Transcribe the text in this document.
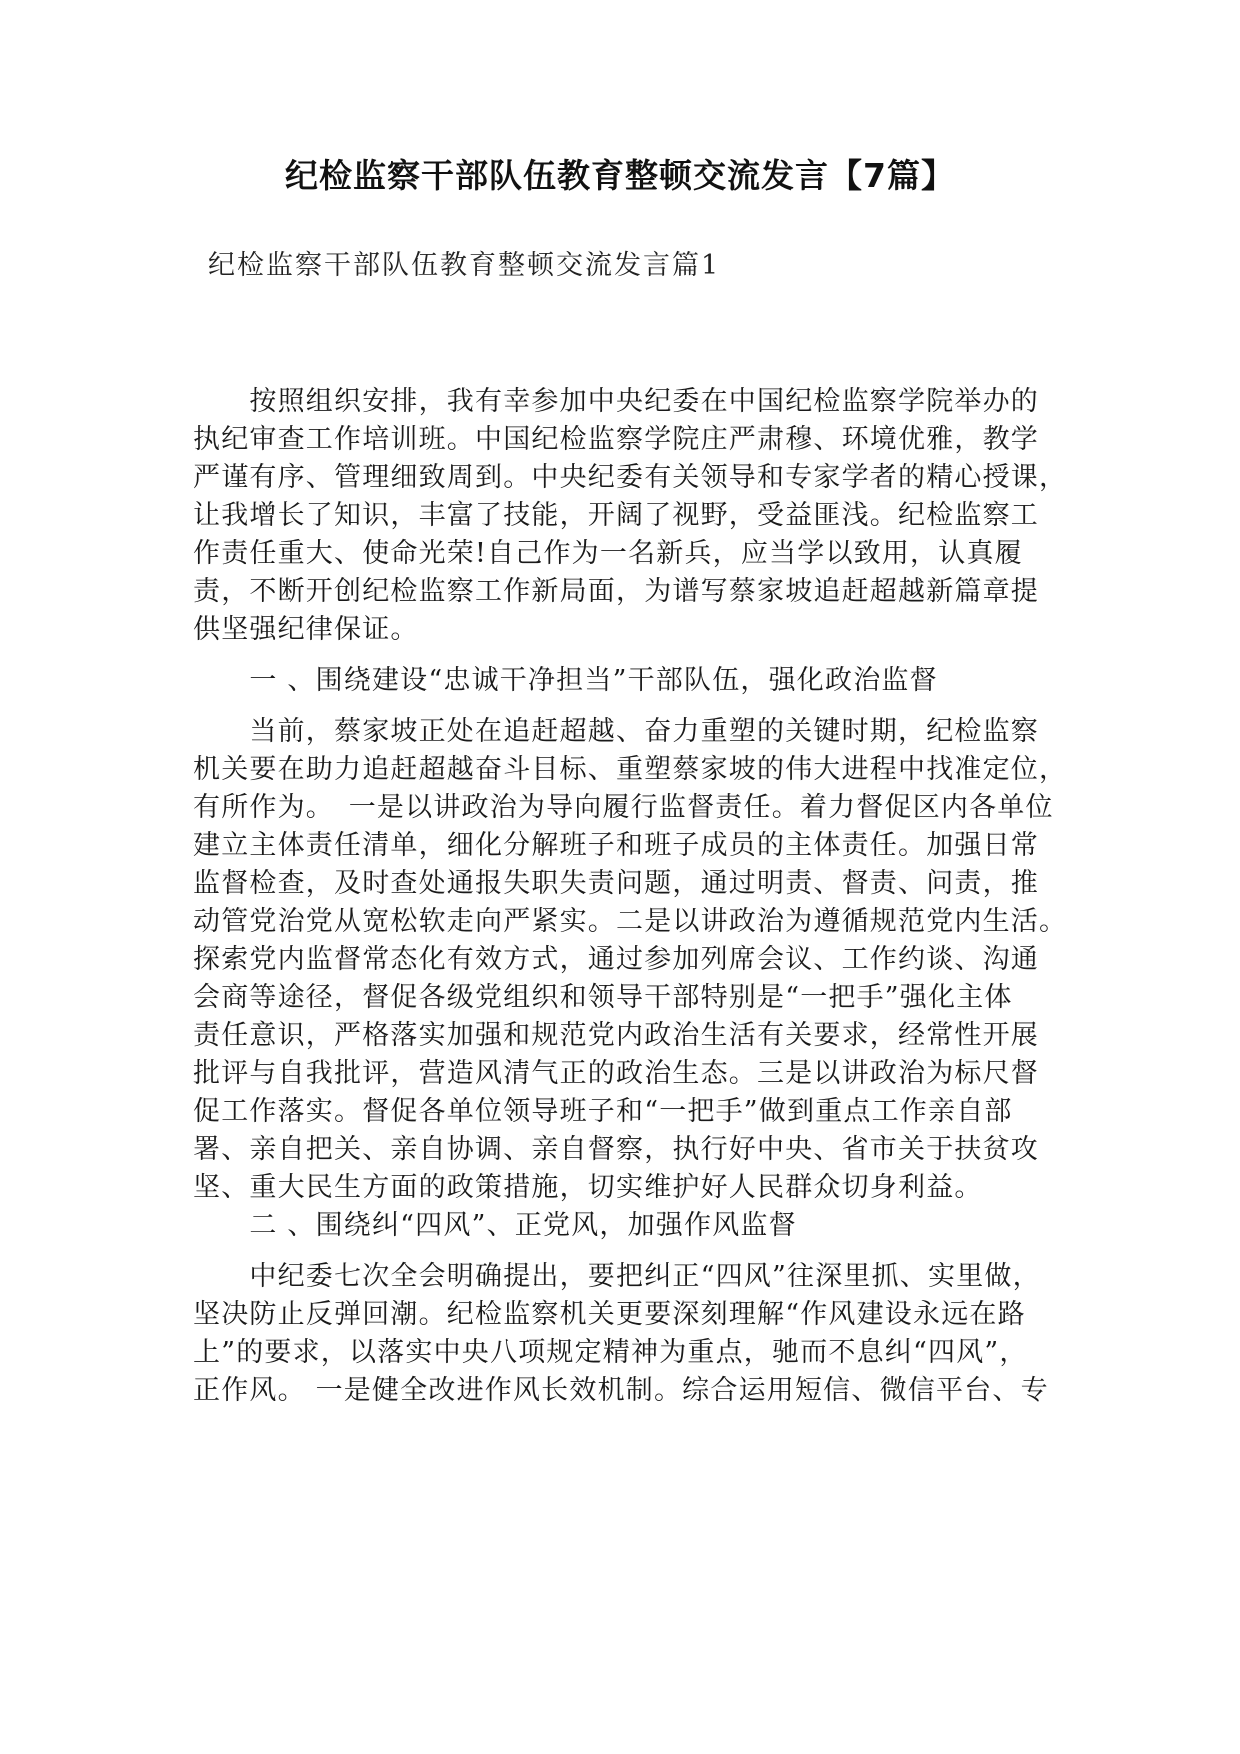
纪检监察干部队伍教育整顿交流发言【7篇】
纪检监察干部队伍教育整顿交流发言篇1
　　按照组织安排，我有幸参加中央纪委在中国纪检监察学院举办的
执纪审查工作培训班。中国纪检监察学院庄严肃穆、环境优雅，教学
严谨有序、管理细致周到。中央纪委有关领导和专家学者的精心授课，
让我增长了知识，丰富了技能，开阔了视野，受益匪浅。纪检监察工
作责任重大、使命光荣!自己作为一名新兵，应当学以致用，认真履
责，不断开创纪检监察工作新局面，为谱写蔡家坡追赶超越新篇章提
供坚强纪律保证。
　　一 、围绕建设“忠诚干净担当”干部队伍，强化政治监督
　　当前，蔡家坡正处在追赶超越、奋力重塑的关键时期，纪检监察
机关要在助力追赶超越奋斗目标、重塑蔡家坡的伟大进程中找准定位，
有所作为。　一是以讲政治为导向履行监督责任。着力督促区内各单位
建立主体责任清单，细化分解班子和班子成员的主体责任。加强日常
监督检查，及时查处通报失职失责问题，通过明责、督责、问责，推
动管党治党从宽松软走向严紧实。二是以讲政治为遵循规范党内生活。
探索党内监督常态化有效方式，通过参加列席会议、工作约谈、沟通
会商等途径，督促各级党组织和领导干部特别是“一把手”强化主体
责任意识，严格落实加强和规范党内政治生活有关要求，经常性开展
批评与自我批评，营造风清气正的政治生态。三是以讲政治为标尺督
促工作落实。督促各单位领导班子和“一把手”做到重点工作亲自部
署、亲自把关、亲自协调、亲自督察，执行好中央、省市关于扶贫攻
坚、重大民生方面的政策措施，切实维护好人民群众切身利益。
　　二 、围绕纠“四风”、正党风，加强作风监督
　　中纪委七次全会明确提出，要把纠正“四风”往深里抓、实里做，
坚决防止反弹回潮。纪检监察机关更要深刻理解“作风建设永远在路
上”的要求，以落实中央八项规定精神为重点，驰而不息纠“四风”，
正作风。 一是健全改进作风长效机制。综合运用短信、微信平台、专
